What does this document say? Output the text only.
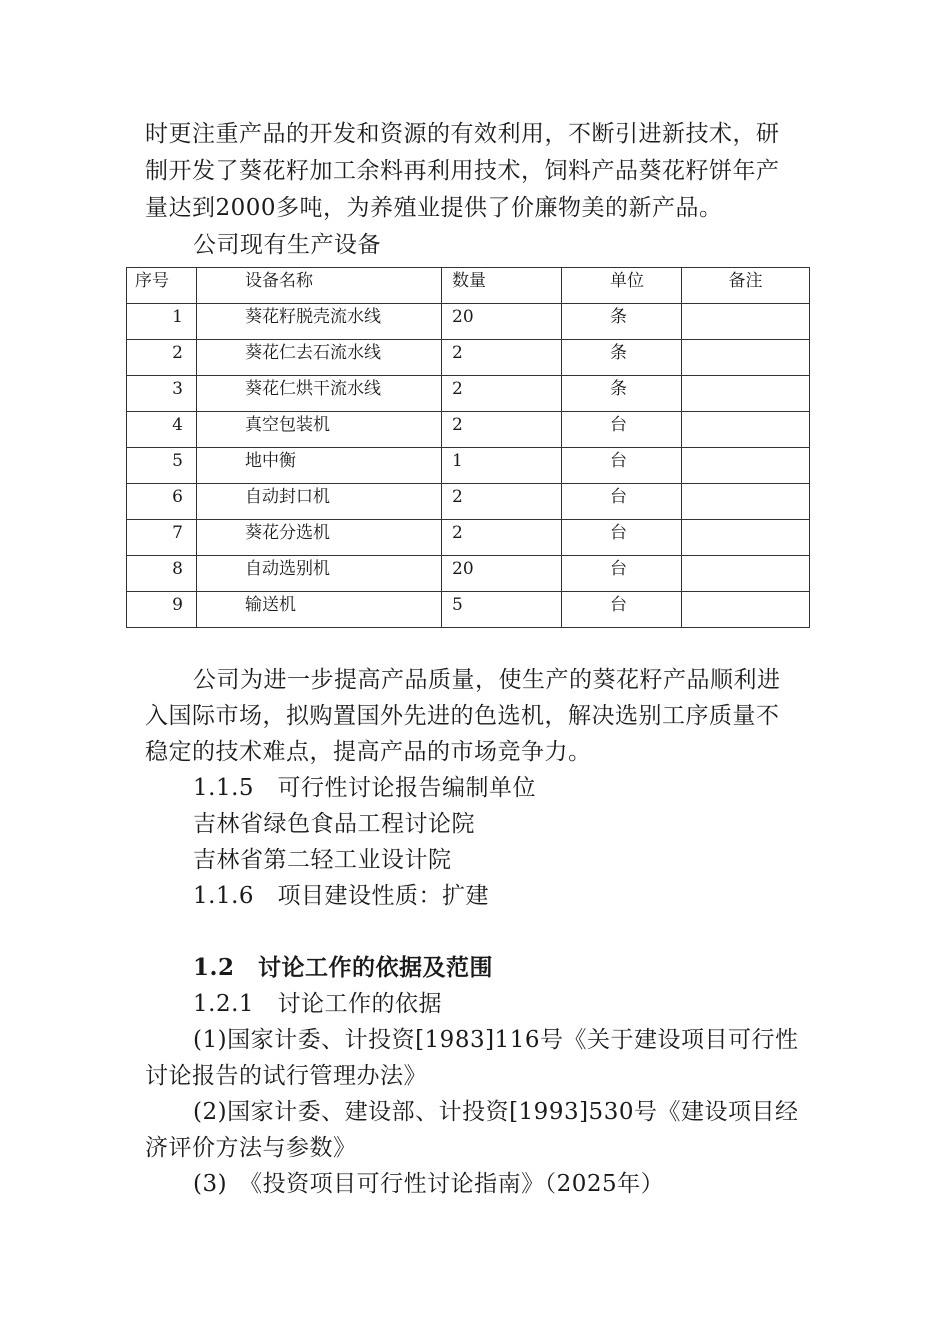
时更注重产品的开发和资源的有效利用，不断引进新技术，研
制开发了葵花籽加工余料再利用技术，饲料产品葵花籽饼年产
量达到2000多吨，为养殖业提供了价廉物美的新产品。
公司现有生产设备
序号	设备名称	数量	单位	备注
1	葵花籽脱壳流水线	20	条	
2	葵花仁去石流水线	2	条	
3	葵花仁烘干流水线	2	条	
4	真空包装机	2	台	
5	地中衡	1	台	
6	自动封口机	2	台	
7	葵花分选机	2	台	
8	自动选别机	20	台	
9	输送机	5	台	
公司为进一步提高产品质量，使生产的葵花籽产品顺利进
入国际市场，拟购置国外先进的色选机，解决选别工序质量不
稳定的技术难点，提高产品的市场竞争力。
1.1.5　可行性讨论报告编制单位
吉林省绿色食品工程讨论院
吉林省第二轻工业设计院
1.1.6　项目建设性质：扩建
1.2　讨论工作的依据及范围
1.2.1　讨论工作的依据
(1)国家计委、计投资[1983]116号《关于建设项目可行性
讨论报告的试行管理办法》
(2)国家计委、建设部、计投资[1993]530号《建设项目经
济评价方法与参数》
(3)　《投资项目可行性讨论指南》（2025年）
